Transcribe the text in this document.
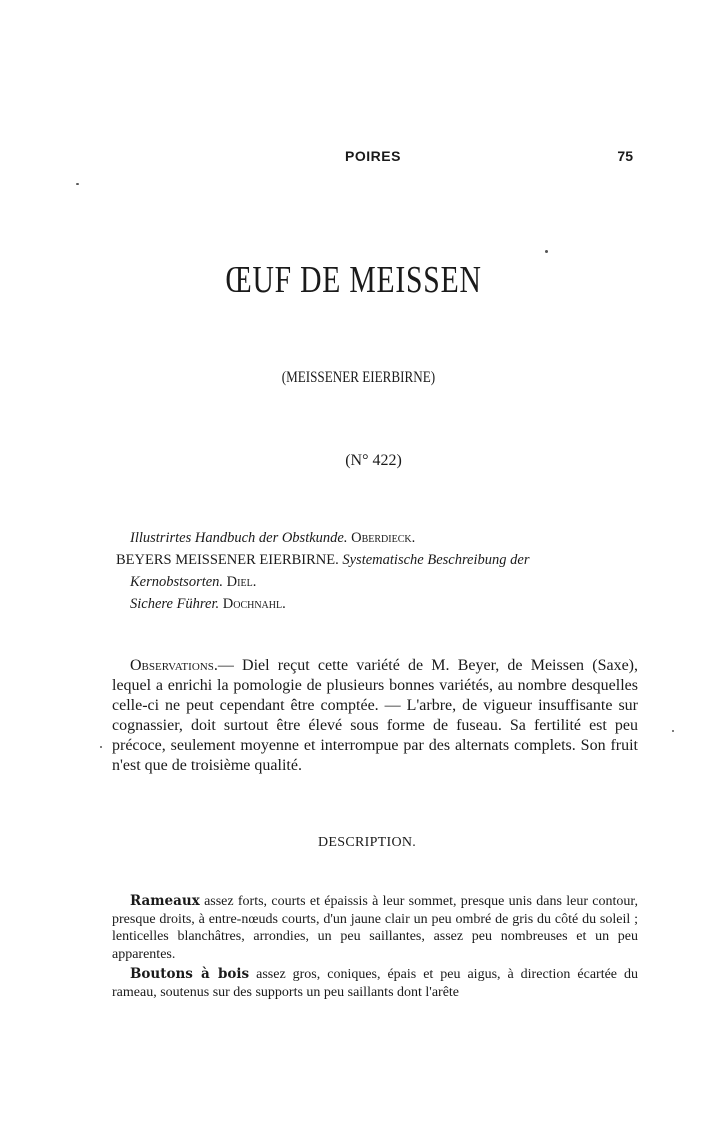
POIRES	75
ŒUF DE MEISSEN
(MEISSENER EIERBIRNE)
(N° 422)
Illustrirtes Handbuch der Obstkunde. Oberdieck.
BEYERS MEISSENER EIERBIRNE. Systematische Beschreibung der
Kernobstsorten. Diel.
Sichere Führer. Dochnahl.

Observations.— Diel reçut cette variété de M. Beyer, de Meissen (Saxe), lequel a enrichi la pomologie de plusieurs bonnes variétés, au nombre desquelles celle-ci ne peut cependant être comptée. — L'arbre, de vigueur insuffisante sur cognassier, doit surtout être élevé sous forme de fuseau. Sa fertilité est peu précoce, seulement moyenne et interrompue par des alternats complets. Son fruit n'est que de troisième qualité.

DESCRIPTION.

Rameaux assez forts, courts et épaissis à leur sommet, presque unis dans leur contour, presque droits, à entre-nœuds courts, d'un jaune clair un peu ombré de gris du côté du soleil ; lenticelles blanchâtres, arrondies, un peu saillantes, assez peu nombreuses et un peu apparentes.

Boutons à bois assez gros, coniques, épais et peu aigus, à direction écartée du rameau, soutenus sur des supports un peu saillants dont l'arête
